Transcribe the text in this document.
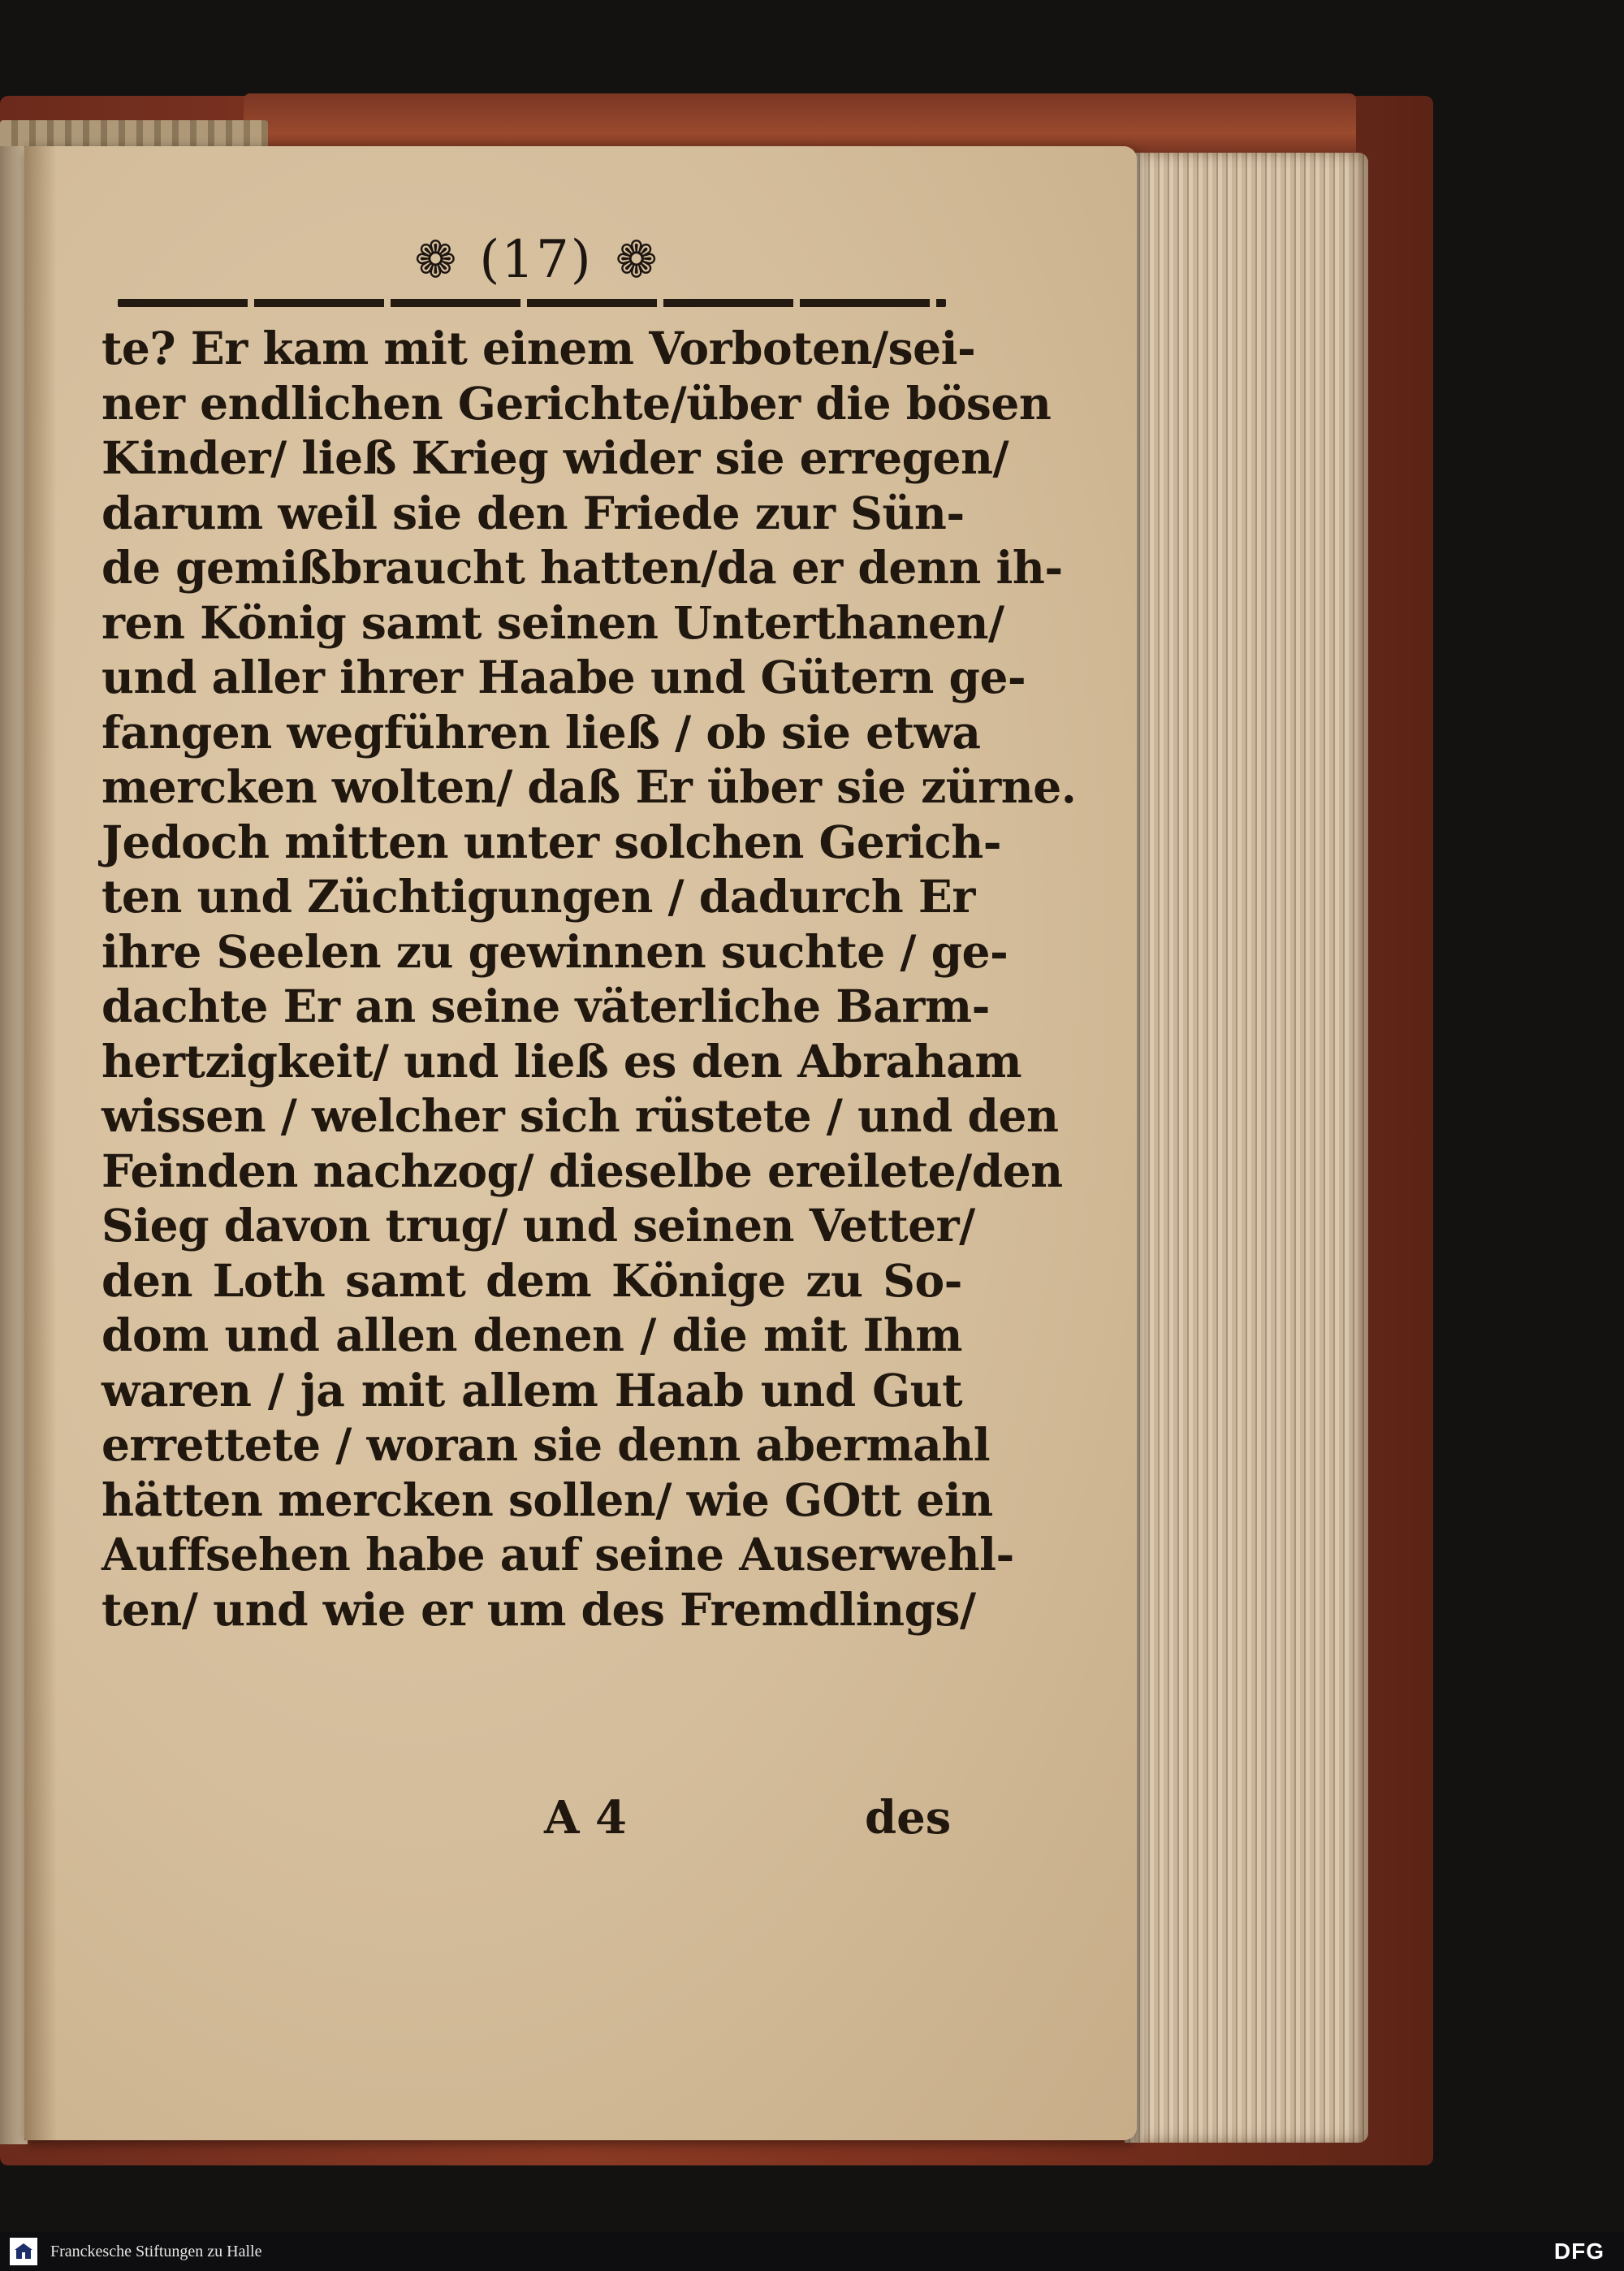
❁ (17) ❁
te? Er kam mit einem Vorboten/sei-
ner endlichen Gerichte/über die bösen
Kinder/ ließ Krieg wider sie erregen/
darum weil sie den Friede zur Sün-
de gemißbraucht hatten/da er denn ih-
ren König samt seinen Unterthanen/
und aller ihrer Haabe und Gütern ge-
fangen wegführen ließ / ob sie etwa
mercken wolten/ daß Er über sie zürne.
Jedoch mitten unter solchen Gerich-
ten und Züchtigungen / dadurch Er
ihre Seelen zu gewinnen suchte / ge-
dachte Er an seine väterliche Barm-
hertzigkeit/ und ließ es den Abraham
wissen / welcher sich rüstete / und den
Feinden nachzog/ dieselbe ereilete/den
Sieg davon trug/ und seinen Vetter/
den Loth samt dem Könige zu So-
dom und allen denen / die mit Ihm
waren / ja mit allem Haab und Gut
errettete / woran sie denn abermahl
hätten mercken sollen/ wie GOtt ein
Auffsehen habe auf seine Auserwehl-
ten/ und wie er um des Fremdlings/
A 4	des
Franckesche Stiftungen zu Halle	DFG
